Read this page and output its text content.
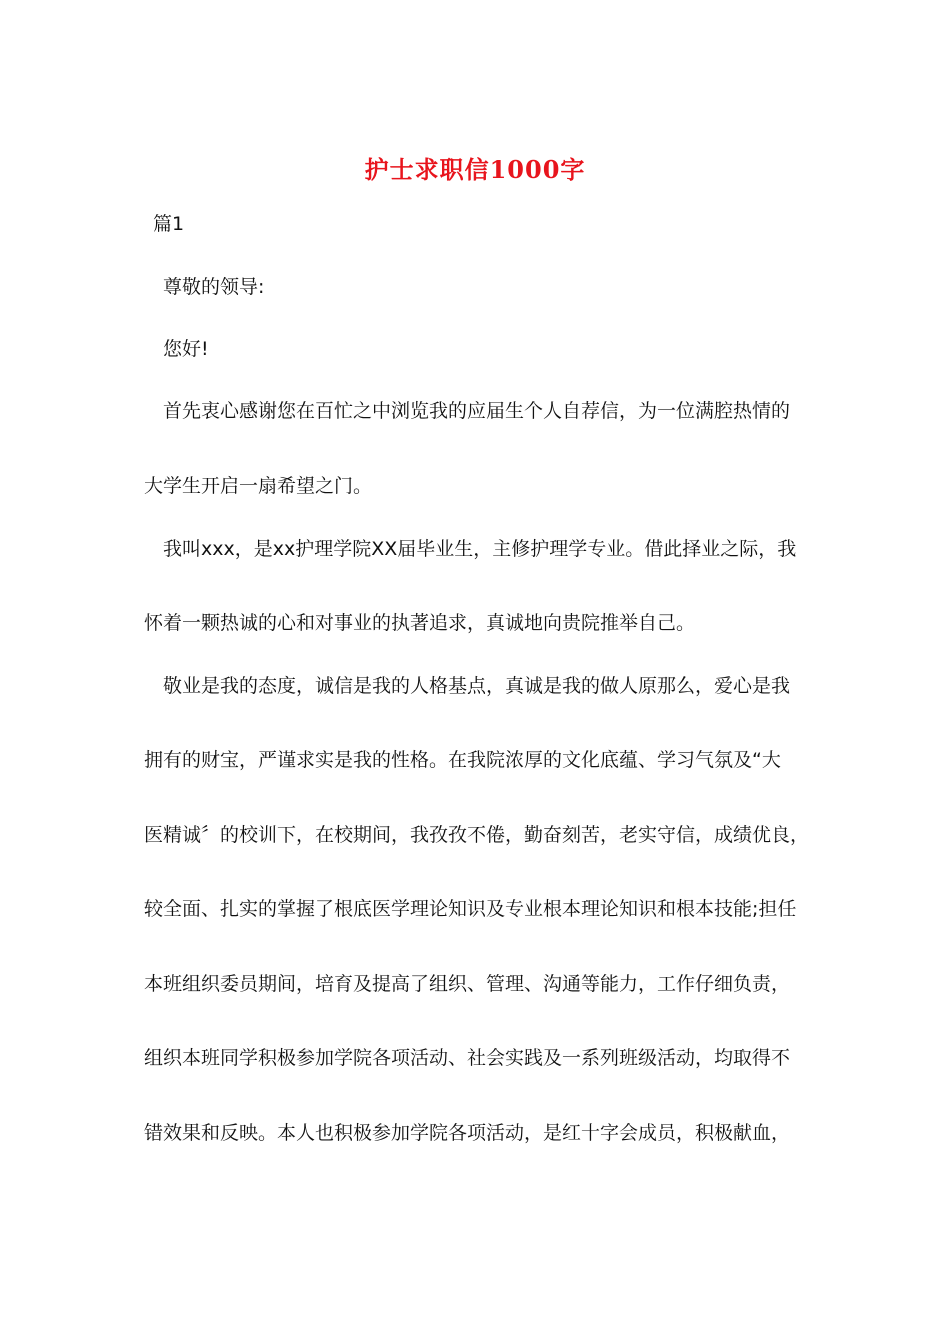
护士求职信1000字
篇1
尊敬的领导:
您好!
首先衷心感谢您在百忙之中浏览我的应届生个人自荐信，为一位满腔热情的
大学生开启一扇希望之门。
我叫xxx，是xx护理学院XX届毕业生，主修护理学专业。借此择业之际，我
怀着一颗热诚的心和对事业的执著追求，真诚地向贵院推举自己。
敬业是我的态度，诚信是我的人格基点，真诚是我的做人原那么，爱心是我
拥有的财宝，严谨求实是我的性格。在我院浓厚的文化底蕴、学习气氛及“大
医精诚〞的校训下，在校期间，我孜孜不倦，勤奋刻苦，老实守信，成绩优良，
较全面、扎实的掌握了根底医学理论知识及专业根本理论知识和根本技能;担任
本班组织委员期间，培育及提高了组织、管理、沟通等能力，工作仔细负责，
组织本班同学积极参加学院各项活动、社会实践及一系列班级活动，均取得不
错效果和反映。本人也积极参加学院各项活动，是红十字会成员，积极献血，
